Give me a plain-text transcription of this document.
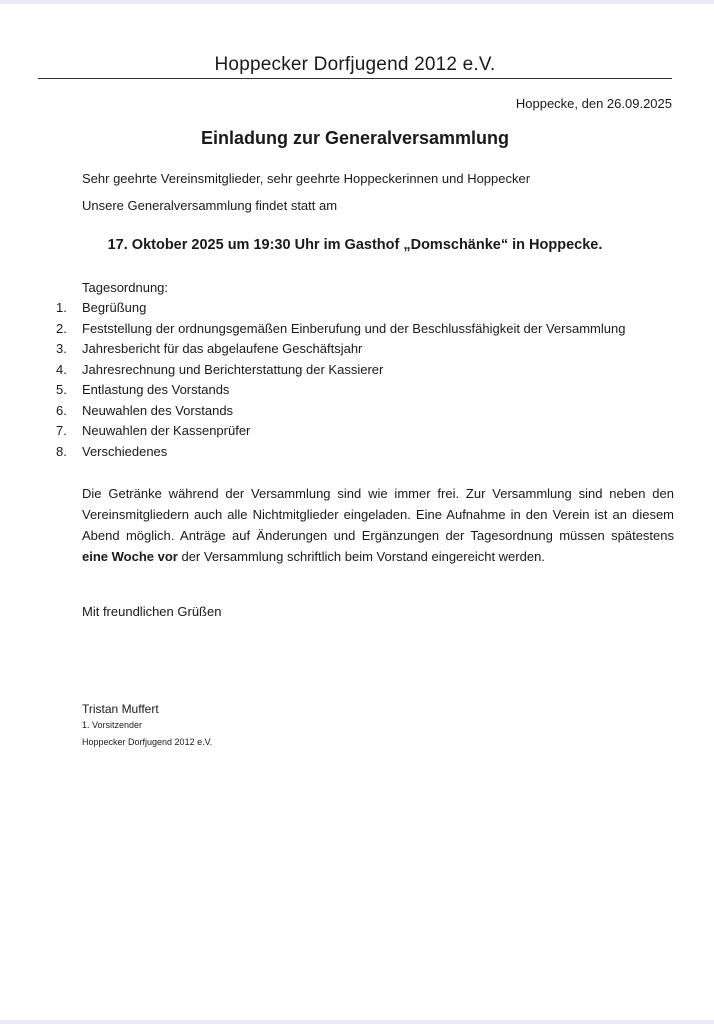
Hoppecker Dorfjugend 2012 e.V.
Hoppecke, den 26.09.2025
Einladung zur Generalversammlung
Sehr geehrte Vereinsmitglieder, sehr geehrte Hoppeckerinnen und Hoppecker
Unsere Generalversammlung findet statt am
17. Oktober 2025 um 19:30 Uhr im Gasthof „Domschänke“ in Hoppecke.
Tagesordnung:
1. Begrüßung
2. Feststellung der ordnungsgemäßen Einberufung und der Beschlussfähigkeit der Versammlung
3. Jahresbericht für das abgelaufene Geschäftsjahr
4. Jahresrechnung und Berichterstattung der Kassierer
5. Entlastung des Vorstands
6. Neuwahlen des Vorstands
7. Neuwahlen der Kassenprüfer
8. Verschiedenes
Die Getränke während der Versammlung sind wie immer frei. Zur Versammlung sind neben den Vereinsmitgliedern auch alle Nichtmitglieder eingeladen. Eine Aufnahme in den Verein ist an diesem Abend möglich. Anträge auf Änderungen und Ergänzungen der Tagesordnung müssen spätestens eine Woche vor der Versammlung schriftlich beim Vorstand eingereicht werden.
Mit freundlichen Grüßen
Tristan Muffert
1. Vorsitzender
Hoppecker Dorfjugend 2012 e.V.
